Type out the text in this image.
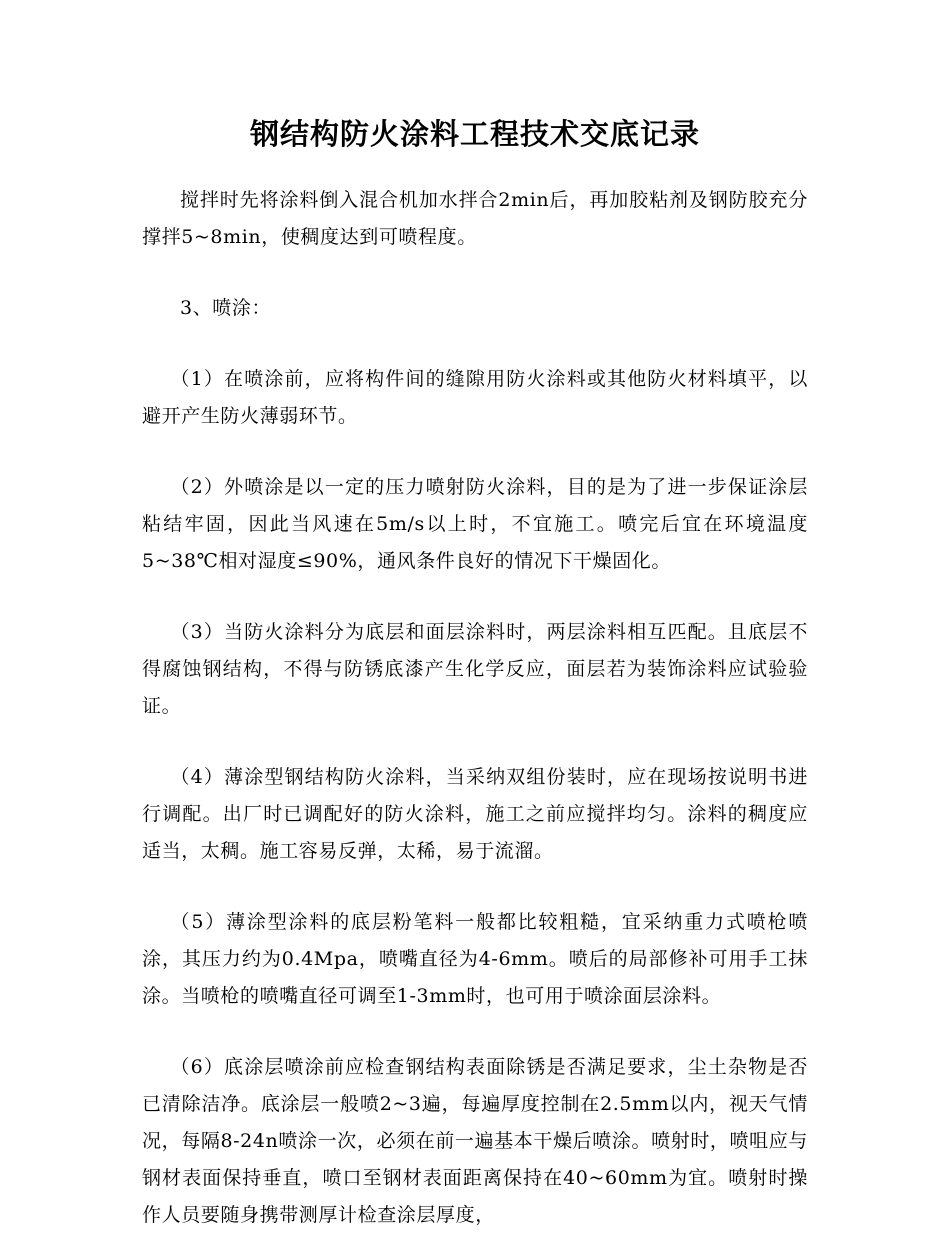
钢结构防火涂料工程技术交底记录

搅拌时先将涂料倒入混合机加水拌合2min后，再加胶粘剂及钢防胶充分撑拌5~8min，使稠度达到可喷程度。

3、喷涂：

（1）在喷涂前，应将构件间的缝隙用防火涂料或其他防火材料填平，以避开产生防火薄弱环节。

（2）外喷涂是以一定的压力喷射防火涂料，目的是为了进一步保证涂层粘结牢固，因此当风速在5m/s以上时，不宜施工。喷完后宜在环境温度5~38℃相对湿度≤90%，通风条件良好的情况下干燥固化。

（3）当防火涂料分为底层和面层涂料时，两层涂料相互匹配。且底层不得腐蚀钢结构，不得与防锈底漆产生化学反应，面层若为装饰涂料应试验验证。

（4）薄涂型钢结构防火涂料，当采纳双组份装时，应在现场按说明书进行调配。出厂时已调配好的防火涂料，施工之前应搅拌均匀。涂料的稠度应适当，太稠。施工容易反弹，太稀，易于流溜。

（5）薄涂型涂料的底层粉笔料一般都比较粗糙，宜采纳重力式喷枪喷涂，其压力约为0.4Mpa，喷嘴直径为4-6mm。喷后的局部修补可用手工抹涂。当喷枪的喷嘴直径可调至1-3mm时，也可用于喷涂面层涂料。

（6）底涂层喷涂前应检查钢结构表面除锈是否满足要求，尘土杂物是否已清除洁净。底涂层一般喷2~3遍，每遍厚度控制在2.5mm以内，视天气情况，每隔8-24n喷涂一次，必须在前一遍基本干燥后喷涂。喷射时，喷咀应与钢材表面保持垂直，喷口至钢材表面距离保持在40~60mm为宜。喷射时操作人员要随身携带测厚计检查涂层厚度，
